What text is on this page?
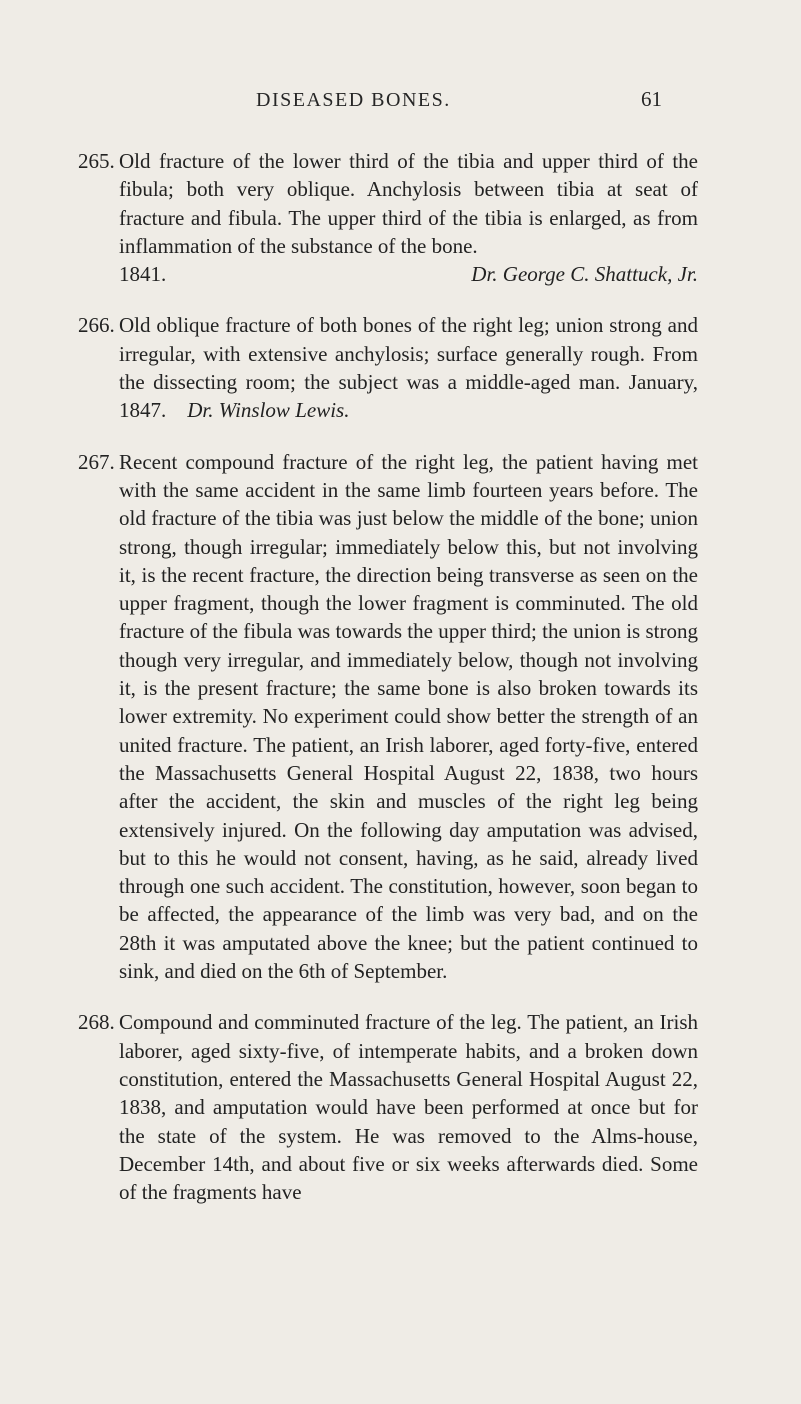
DISEASED BONES.	61
265. Old fracture of the lower third of the tibia and upper third of the fibula; both very oblique. Anchylosis between tibia at seat of fracture and fibula. The upper third of the tibia is enlarged, as from inflammation of the substance of the bone.
1841.	Dr. George C. Shattuck, Jr.
266. Old oblique fracture of both bones of the right leg; union strong and irregular, with extensive anchylosis; surface generally rough. From the dissecting room; the subject was a middle-aged man. January, 1847. Dr. Winslow Lewis.
267. Recent compound fracture of the right leg, the patient having met with the same accident in the same limb fourteen years before. The old fracture of the tibia was just below the middle of the bone; union strong, though irregular; immediately below this, but not involving it, is the recent fracture, the direction being transverse as seen on the upper fragment, though the lower fragment is comminuted. The old fracture of the fibula was towards the upper third; the union is strong though very irregular, and immediately below, though not involving it, is the present fracture; the same bone is also broken towards its lower extremity. No experiment could show better the strength of an united fracture. The patient, an Irish laborer, aged forty-five, entered the Massachusetts General Hospital August 22, 1838, two hours after the accident, the skin and muscles of the right leg being extensively injured. On the following day amputation was advised, but to this he would not consent, having, as he said, already lived through one such accident. The constitution, however, soon began to be affected, the appearance of the limb was very bad, and on the 28th it was amputated above the knee; but the patient continued to sink, and died on the 6th of September.
268. Compound and comminuted fracture of the leg. The patient, an Irish laborer, aged sixty-five, of intemperate habits, and a broken down constitution, entered the Massachusetts General Hospital August 22, 1838, and amputation would have been performed at once but for the state of the system. He was removed to the Alms-house, December 14th, and about five or six weeks afterwards died. Some of the fragments have
